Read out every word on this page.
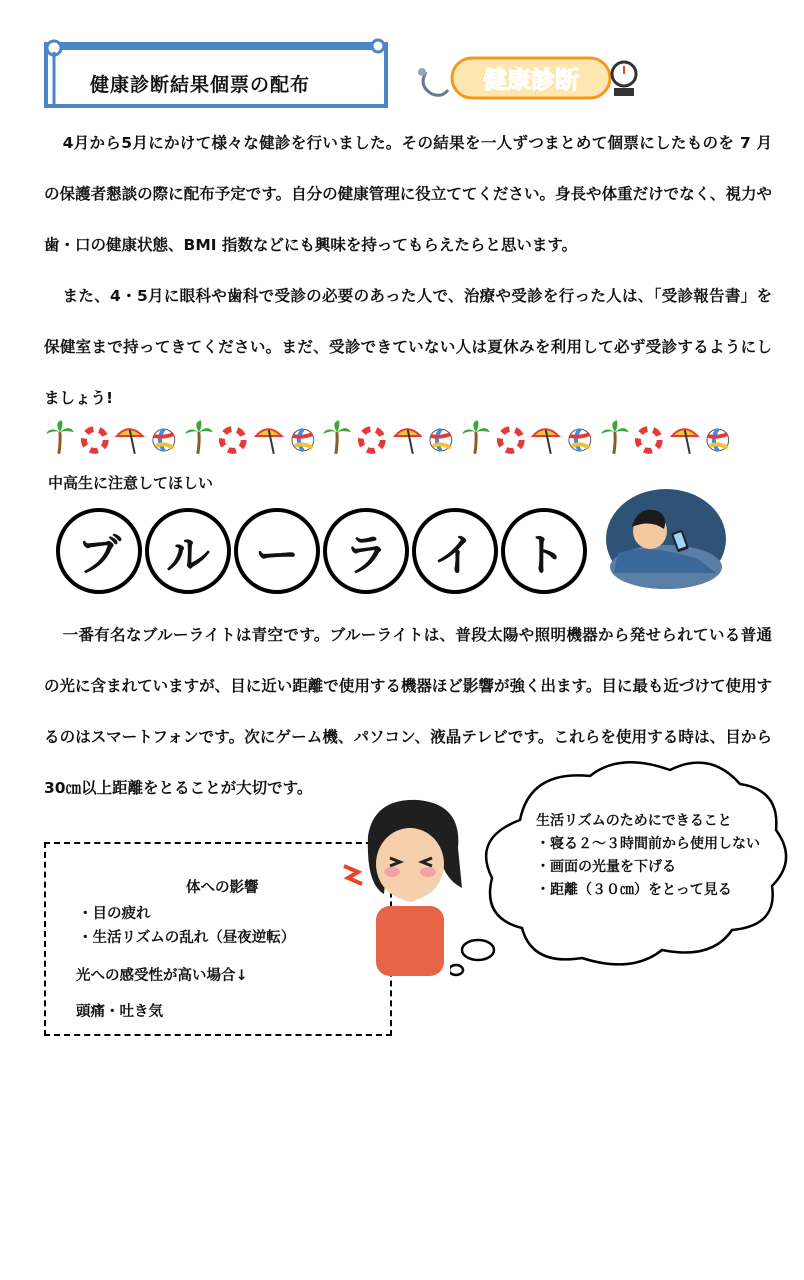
健康診断結果個票の配布	健康診断

4月から5月にかけて様々な健診を行いました。その結果を一人ずつまとめて個票にしたものを 7 月の保護者懇談の際に配布予定です。自分の健康管理に役立ててください。身長や体重だけでなく、視力や歯・口の健康状態、BMI 指数などにも興味を持ってもらえたらと思います。

また、4・5月に眼科や歯科で受診の必要のあった人で、治療や受診を行った人は、「受診報告書」を保健室まで持ってきてください。まだ、受診できていない人は夏休みを利用して必ず受診するようにしましょう!

中高生に注意してほしい
ブ ル ー ラ イ ト

一番有名なブルーライトは青空です。ブルーライトは、普段太陽や照明機器から発せられている普通の光に含まれていますが、目に近い距離で使用する機器ほど影響が強く出ます。目に最も近づけて使用するのはスマートフォンです。次にゲーム機、パソコン、液晶テレビです。これらを使用する時は、目から30㎝以上距離をとることが大切です。

体への影響
・目の疲れ
・生活リズムの乱れ（昼夜逆転）
光への感受性が高い場合↓
頭痛・吐き気
生活リズムのためにできること
・寝る２～３時間前から使用しない
・画面の光量を下げる
・距離（３０㎝）をとって見る
